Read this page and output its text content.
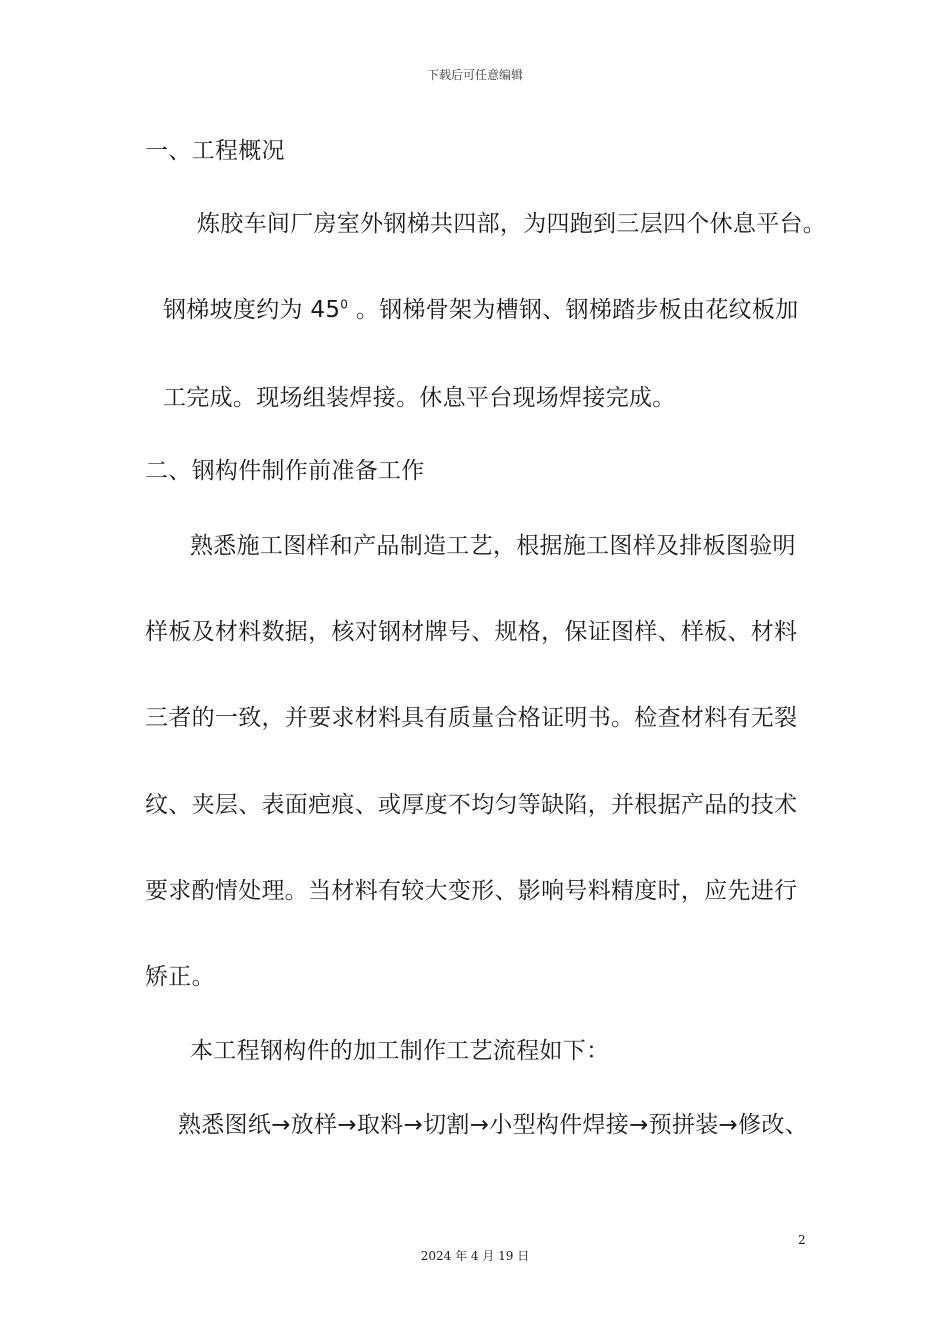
下载后可任意编辑
一、工程概况
炼胶车间厂房室外钢梯共四部，为四跑到三层四个休息平台。
钢梯坡度约为 $45^0$ 。钢梯骨架为槽钢、钢梯踏步板由花纹板加
工完成。现场组装焊接。休息平台现场焊接完成。
二、钢构件制作前准备工作
熟悉施工图样和产品制造工艺，根据施工图样及排板图验明
样板及材料数据，核对钢材牌号、规格，保证图样、样板、材料
三者的一致，并要求材料具有质量合格证明书。检查材料有无裂
纹、夹层、表面疤痕、或厚度不均匀等缺陷，并根据产品的技术
要求酌情处理。当材料有较大变形、影响号料精度时，应先进行
矫正。
本工程钢构件的加工制作工艺流程如下：
熟悉图纸→放样→取料→切割→小型构件焊接→预拼装→修改、
2
2024 年 4 月 19 日
